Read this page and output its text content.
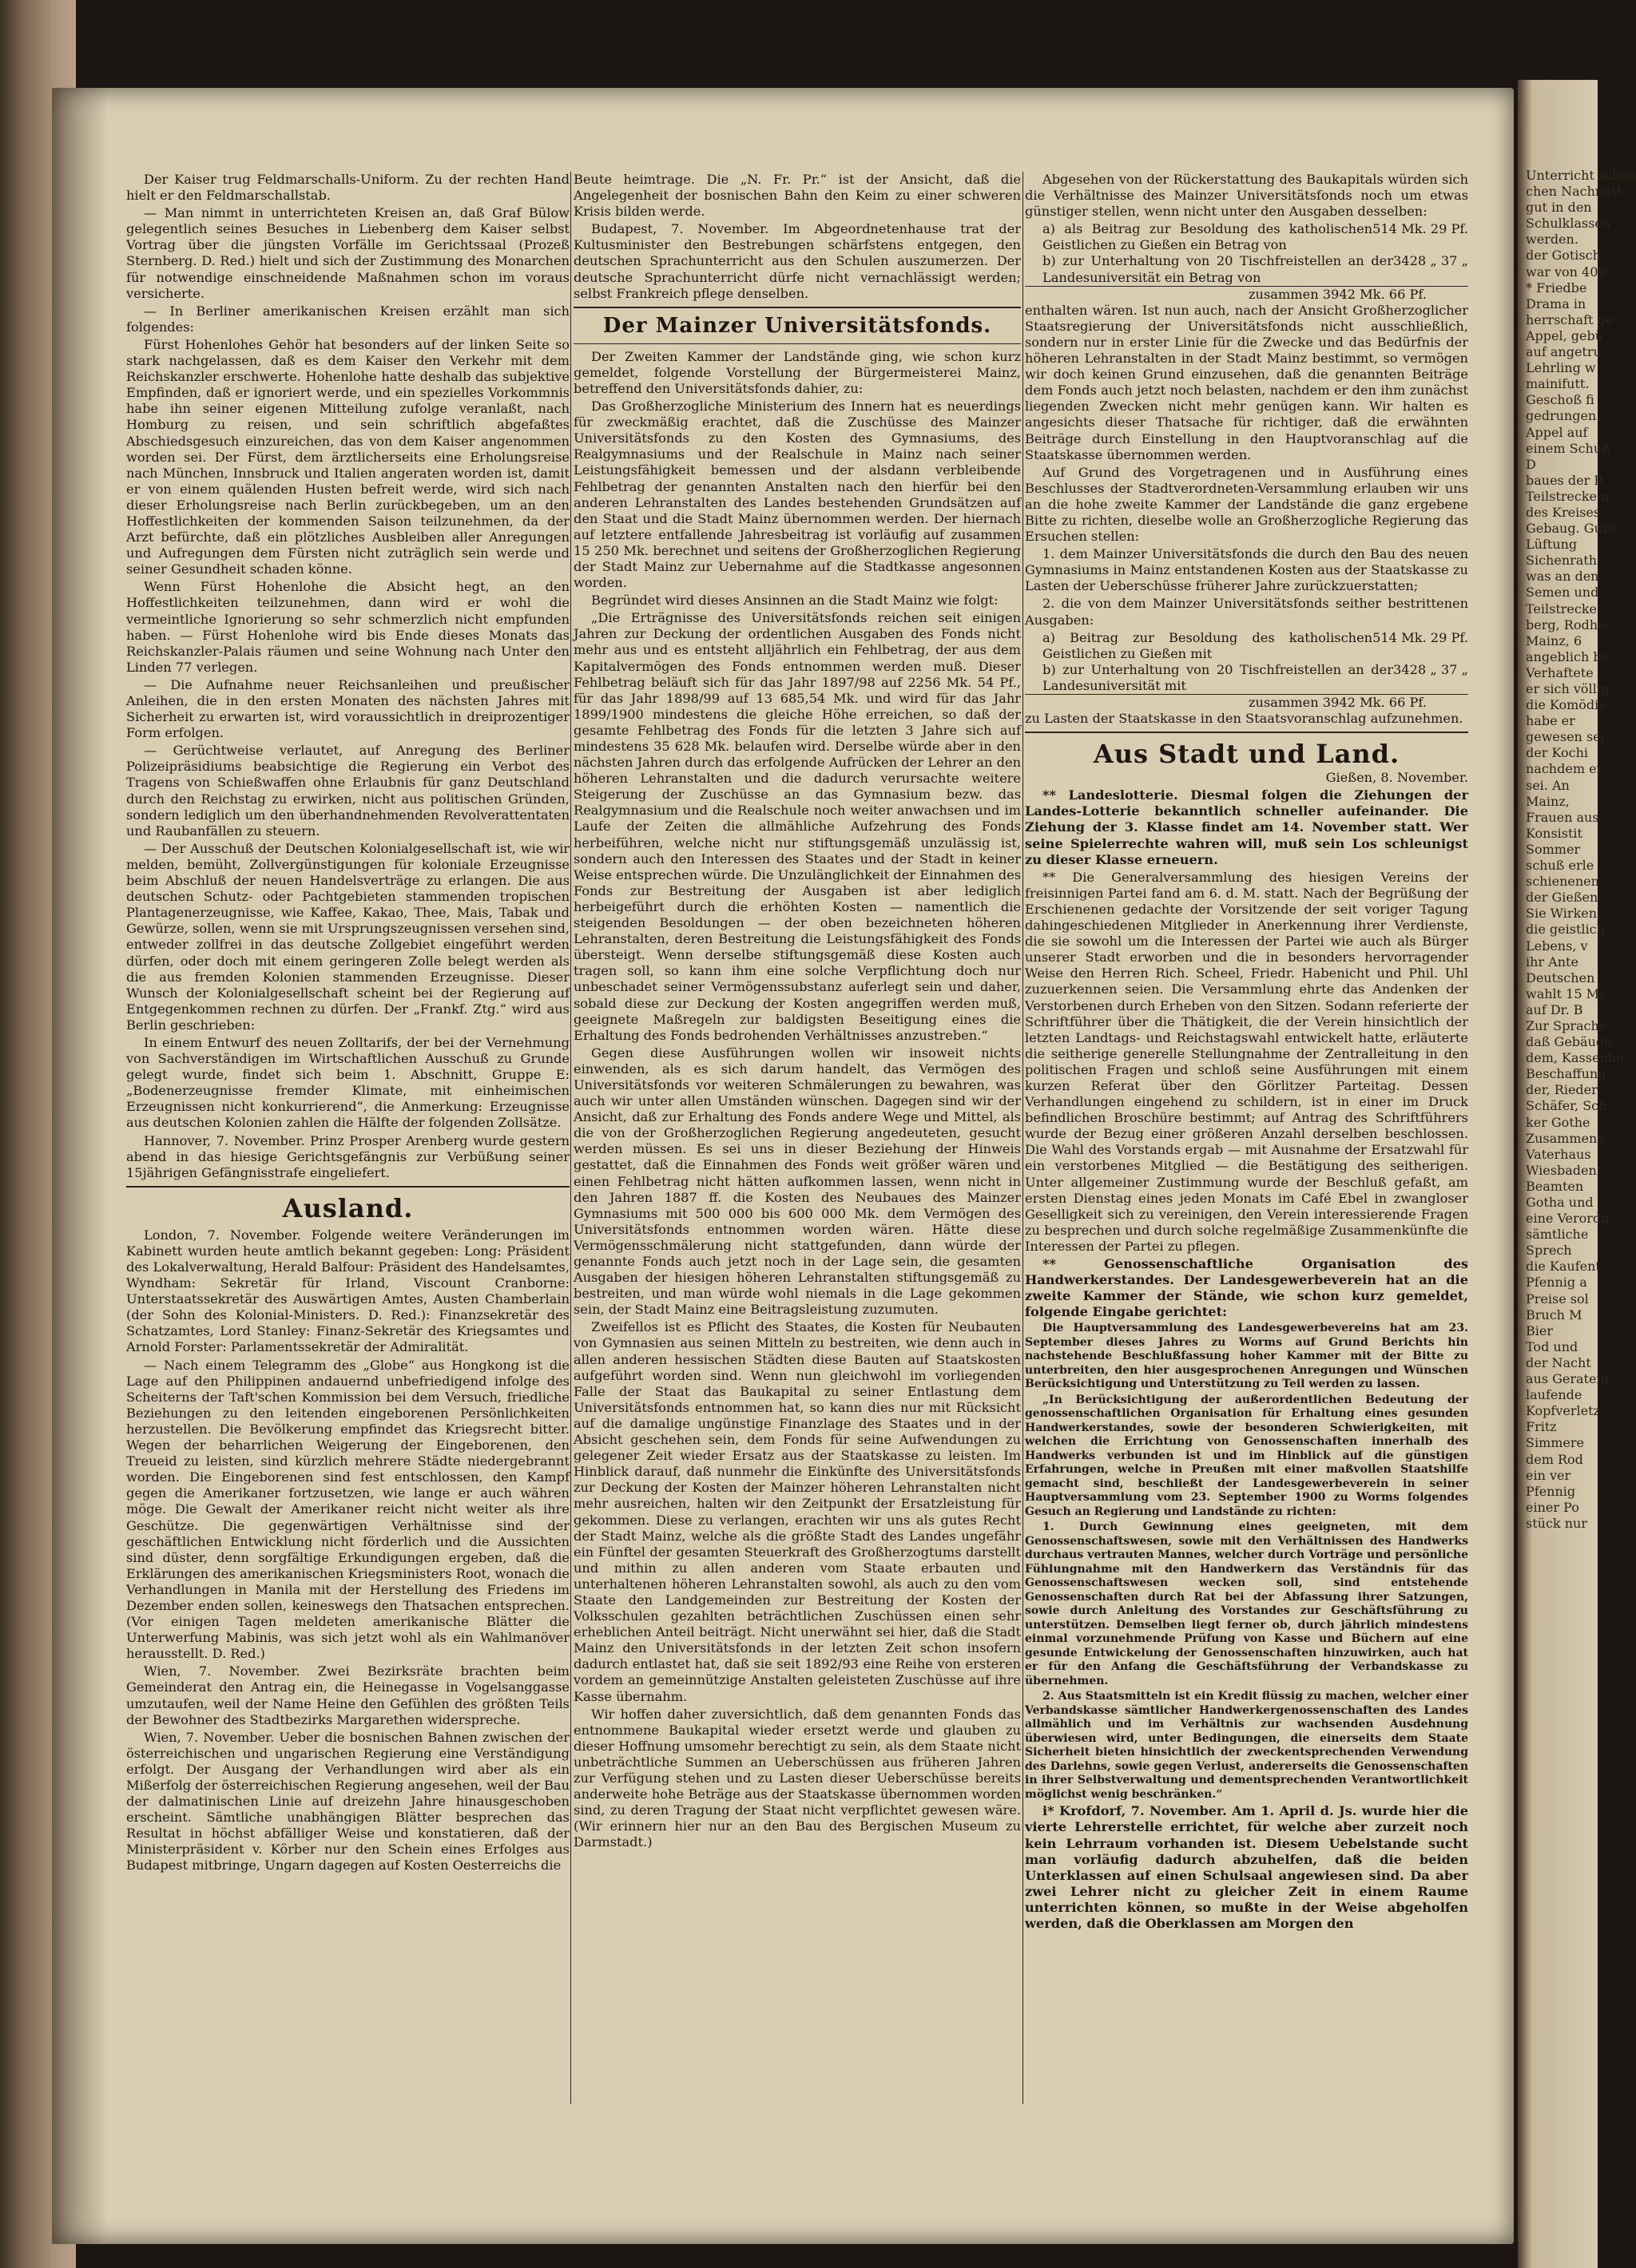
Der Kaiser trug Feldmarschalls-Uniform. Zu der rechten Hand hielt er den Feldmarschallstab.

— Man nimmt in unterrichteten Kreisen an, daß Graf Bülow gelegentlich seines Besuches in Liebenberg dem Kaiser selbst Vortrag über die jüngsten Vorfälle im Gerichtssaal (Prozeß Sternberg. D. Red.) hielt und sich der Zustimmung des Monarchen für notwendige einschneidende Maßnahmen schon im voraus versicherte.

— In Berliner amerikanischen Kreisen erzählt man sich folgendes:

Fürst Hohenlohes Gehör hat besonders auf der linken Seite so stark nachgelassen, daß es dem Kaiser den Verkehr mit dem Reichskanzler erschwerte. Hohenlohe hatte deshalb das subjektive Empfinden, daß er ignoriert werde, und ein spezielles Vorkommnis habe ihn seiner eigenen Mitteilung zufolge veranlaßt, nach Homburg zu reisen, und sein schriftlich abgefaßtes Abschiedsgesuch einzureichen, das von dem Kaiser angenommen worden sei. Der Fürst, dem ärztlicherseits eine Erholungsreise nach München, Innsbruck und Italien angeraten worden ist, damit er von einem quälenden Husten befreit werde, wird sich nach dieser Erholungsreise nach Berlin zurückbegeben, um an den Hoffestlichkeiten der kommenden Saison teilzunehmen, da der Arzt befürchte, daß ein plötzliches Ausbleiben aller Anregungen und Aufregungen dem Fürsten nicht zuträglich sein werde und seiner Gesundheit schaden könne.

Wenn Fürst Hohenlohe die Absicht hegt, an den Hoffestlichkeiten teilzunehmen, dann wird er wohl die vermeintliche Ignorierung so sehr schmerzlich nicht empfunden haben. — Fürst Hohenlohe wird bis Ende dieses Monats das Reichskanzler-Palais räumen und seine Wohnung nach Unter den Linden 77 verlegen.

— Die Aufnahme neuer Reichsanleihen und preußischer Anleihen, die in den ersten Monaten des nächsten Jahres mit Sicherheit zu erwarten ist, wird voraussichtlich in dreiprozentiger Form erfolgen.

— Gerüchtweise verlautet, auf Anregung des Berliner Polizeipräsidiums beabsichtige die Regierung ein Verbot des Tragens von Schießwaffen ohne Erlaubnis für ganz Deutschland durch den Reichstag zu erwirken, nicht aus politischen Gründen, sondern lediglich um den überhandnehmenden Revolverattentaten und Raubanfällen zu steuern.

— Der Ausschuß der Deutschen Kolonialgesellschaft ist, wie wir melden, bemüht, Zollvergünstigungen für koloniale Erzeugnisse beim Abschluß der neuen Handelsverträge zu erlangen. Die aus deutschen Schutz- oder Pachtgebieten stammenden tropischen Plantagenerzeugnisse, wie Kaffee, Kakao, Thee, Mais, Tabak und Gewürze, sollen, wenn sie mit Ursprungszeugnissen versehen sind, entweder zollfrei in das deutsche Zollgebiet eingeführt werden dürfen, oder doch mit einem geringeren Zolle belegt werden als die aus fremden Kolonien stammenden Erzeugnisse. Dieser Wunsch der Kolonialgesellschaft scheint bei der Regierung auf Entgegenkommen rechnen zu dürfen. Der „Frankf. Ztg.“ wird aus Berlin geschrieben:

In einem Entwurf des neuen Zolltarifs, der bei der Vernehmung von Sachverständigen im Wirtschaftlichen Ausschuß zu Grunde gelegt wurde, findet sich beim 1. Abschnitt, Gruppe E: „Bodenerzeugnisse fremder Klimate, mit einheimischen Erzeugnissen nicht konkurrierend“, die Anmerkung: Erzeugnisse aus deutschen Kolonien zahlen die Hälfte der folgenden Zollsätze.

Hannover, 7. November. Prinz Prosper Arenberg wurde gestern abend in das hiesige Gerichtsgefängnis zur Verbüßung seiner 15jährigen Gefängnisstrafe eingeliefert.

Ausland.

London, 7. November. Folgende weitere Veränderungen im Kabinett wurden heute amtlich bekannt gegeben: Long: Präsident des Lokalverwaltung, Herald Balfour: Präsident des Handelsamtes, Wyndham: Sekretär für Irland, Viscount Cranborne: Unterstaatssekretär des Auswärtigen Amtes, Austen Chamberlain (der Sohn des Kolonial-Ministers. D. Red.): Finanzsekretär des Schatzamtes, Lord Stanley: Finanz-Sekretär des Kriegsamtes und Arnold Forster: Parlamentssekretär der Admiralität.

— Nach einem Telegramm des „Globe“ aus Hongkong ist die Lage auf den Philippinen andauernd unbefriedigend infolge des Scheiterns der Taft'schen Kommission bei dem Versuch, friedliche Beziehungen zu den leitenden eingeborenen Persönlichkeiten herzustellen. Die Bevölkerung empfindet das Kriegsrecht bitter. Wegen der beharrlichen Weigerung der Eingeborenen, den Treueid zu leisten, sind kürzlich mehrere Städte niedergebrannt worden. Die Eingeborenen sind fest entschlossen, den Kampf gegen die Amerikaner fortzusetzen, wie lange er auch währen möge. Die Gewalt der Amerikaner reicht nicht weiter als ihre Geschütze. Die gegenwärtigen Verhältnisse sind der geschäftlichen Entwicklung nicht förderlich und die Aussichten sind düster, denn sorgfältige Erkundigungen ergeben, daß die Erklärungen des amerikanischen Kriegsministers Root, wonach die Verhandlungen in Manila mit der Herstellung des Friedens im Dezember enden sollen, keineswegs den Thatsachen entsprechen. (Vor einigen Tagen meldeten amerikanische Blätter die Unterwerfung Mabinis, was sich jetzt wohl als ein Wahlmanöver herausstellt. D. Red.)

Wien, 7. November. Zwei Bezirksräte brachten beim Gemeinderat den Antrag ein, die Heinegasse in Vogelsanggasse umzutaufen, weil der Name Heine den Gefühlen des größten Teils der Bewohner des Stadtbezirks Margarethen widerspreche.

Wien, 7. November. Ueber die bosnischen Bahnen zwischen der österreichischen und ungarischen Regierung eine Verständigung erfolgt. Der Ausgang der Verhandlungen wird aber als ein Mißerfolg der österreichischen Regierung angesehen, weil der Bau der dalmatinischen Linie auf dreizehn Jahre hinausgeschoben erscheint. Sämtliche unabhängigen Blätter besprechen das Resultat in höchst abfälliger Weise und konstatieren, daß der Ministerpräsident v. Körber nur den Schein eines Erfolges aus Budapest mitbringe, Ungarn dagegen auf Kosten Oesterreichs die

Beute heimtrage. Die „N. Fr. Pr.“ ist der Ansicht, daß die Angelegenheit der bosnischen Bahn den Keim zu einer schweren Krisis bilden werde.

Budapest, 7. November. Im Abgeordnetenhause trat der Kultusminister den Bestrebungen schärfstens entgegen, den deutschen Sprachunterricht aus den Schulen auszumerzen. Der deutsche Sprachunterricht dürfe nicht vernachlässigt werden; selbst Frankreich pflege denselben.

Der Mainzer Universitätsfonds.

Der Zweiten Kammer der Landstände ging, wie schon kurz gemeldet, folgende Vorstellung der Bürgermeisterei Mainz, betreffend den Universitätsfonds dahier, zu:

Das Großherzogliche Ministerium des Innern hat es neuerdings für zweckmäßig erachtet, daß die Zuschüsse des Mainzer Universitätsfonds zu den Kosten des Gymnasiums, des Realgymnasiums und der Realschule in Mainz nach seiner Leistungsfähigkeit bemessen und der alsdann verbleibende Fehlbetrag der genannten Anstalten nach den hierfür bei den anderen Lehranstalten des Landes bestehenden Grundsätzen auf den Staat und die Stadt Mainz übernommen werden. Der hiernach auf letztere entfallende Jahresbeitrag ist vorläufig auf zusammen 15 250 Mk. berechnet und seitens der Großherzoglichen Regierung der Stadt Mainz zur Uebernahme auf die Stadtkasse angesonnen worden.

Begründet wird dieses Ansinnen an die Stadt Mainz wie folgt:

„Die Erträgnisse des Universitätsfonds reichen seit einigen Jahren zur Deckung der ordentlichen Ausgaben des Fonds nicht mehr aus und es entsteht alljährlich ein Fehlbetrag, der aus dem Kapitalvermögen des Fonds entnommen werden muß. Dieser Fehlbetrag beläuft sich für das Jahr 1897/98 auf 2256 Mk. 54 Pf., für das Jahr 1898/99 auf 13 685,54 Mk. und wird für das Jahr 1899/1900 mindestens die gleiche Höhe erreichen, so daß der gesamte Fehlbetrag des Fonds für die letzten 3 Jahre sich auf mindestens 35 628 Mk. belaufen wird. Derselbe würde aber in den nächsten Jahren durch das erfolgende Aufrücken der Lehrer an den höheren Lehranstalten und die dadurch verursachte weitere Steigerung der Zuschüsse an das Gymnasium bezw. das Realgymnasium und die Realschule noch weiter anwachsen und im Laufe der Zeiten die allmähliche Aufzehrung des Fonds herbeiführen, welche nicht nur stiftungsgemäß unzulässig ist, sondern auch den Interessen des Staates und der Stadt in keiner Weise entsprechen würde. Die Unzulänglichkeit der Einnahmen des Fonds zur Bestreitung der Ausgaben ist aber lediglich herbeigeführt durch die erhöhten Kosten — namentlich die steigenden Besoldungen — der oben bezeichneten höheren Lehranstalten, deren Bestreitung die Leistungsfähigkeit des Fonds übersteigt. Wenn derselbe stiftungsgemäß diese Kosten auch tragen soll, so kann ihm eine solche Verpflichtung doch nur unbeschadet seiner Vermögenssubstanz auferlegt sein und daher, sobald diese zur Deckung der Kosten angegriffen werden muß, geeignete Maßregeln zur baldigsten Beseitigung eines die Erhaltung des Fonds bedrohenden Verhältnisses anzustreben.“

Gegen diese Ausführungen wollen wir insoweit nichts einwenden, als es sich darum handelt, das Vermögen des Universitätsfonds vor weiteren Schmälerungen zu bewahren, was auch wir unter allen Umständen wünschen. Dagegen sind wir der Ansicht, daß zur Erhaltung des Fonds andere Wege und Mittel, als die von der Großherzoglichen Regierung angedeuteten, gesucht werden müssen. Es sei uns in dieser Beziehung der Hinweis gestattet, daß die Einnahmen des Fonds weit größer wären und einen Fehlbetrag nicht hätten aufkommen lassen, wenn nicht in den Jahren 1887 ff. die Kosten des Neubaues des Mainzer Gymnasiums mit 500 000 bis 600 000 Mk. dem Vermögen des Universitätsfonds entnommen worden wären. Hätte diese Vermögensschmälerung nicht stattgefunden, dann würde der genannte Fonds auch jetzt noch in der Lage sein, die gesamten Ausgaben der hiesigen höheren Lehranstalten stiftungsgemäß zu bestreiten, und man würde wohl niemals in die Lage gekommen sein, der Stadt Mainz eine Beitragsleistung zuzumuten.

Zweifellos ist es Pflicht des Staates, die Kosten für Neubauten von Gymnasien aus seinen Mitteln zu bestreiten, wie denn auch in allen anderen hessischen Städten diese Bauten auf Staatskosten aufgeführt worden sind. Wenn nun gleichwohl im vorliegenden Falle der Staat das Baukapital zu seiner Entlastung dem Universitätsfonds entnommen hat, so kann dies nur mit Rücksicht auf die damalige ungünstige Finanzlage des Staates und in der Absicht geschehen sein, dem Fonds für seine Aufwendungen zu gelegener Zeit wieder Ersatz aus der Staatskasse zu leisten. Im Hinblick darauf, daß nunmehr die Einkünfte des Universitätsfonds zur Deckung der Kosten der Mainzer höheren Lehranstalten nicht mehr ausreichen, halten wir den Zeitpunkt der Ersatzleistung für gekommen. Diese zu verlangen, erachten wir uns als gutes Recht der Stadt Mainz, welche als die größte Stadt des Landes ungefähr ein Fünftel der gesamten Steuerkraft des Großherzogtums darstellt und mithin zu allen anderen vom Staate erbauten und unterhaltenen höheren Lehranstalten sowohl, als auch zu den vom Staate den Landgemeinden zur Bestreitung der Kosten der Volksschulen gezahlten beträchtlichen Zuschüssen einen sehr erheblichen Anteil beiträgt. Nicht unerwähnt sei hier, daß die Stadt Mainz den Universitätsfonds in der letzten Zeit schon insofern dadurch entlastet hat, daß sie seit 1892/93 eine Reihe von ersteren vordem an gemeinnützige Anstalten geleisteten Zuschüsse auf ihre Kasse übernahm.

Wir hoffen daher zuversichtlich, daß dem genannten Fonds das entnommene Baukapital wieder ersetzt werde und glauben zu dieser Hoffnung umsomehr berechtigt zu sein, als dem Staate nicht unbeträchtliche Summen an Ueberschüssen aus früheren Jahren zur Verfügung stehen und zu Lasten dieser Ueberschüsse bereits anderweite hohe Beträge aus der Staatskasse übernommen worden sind, zu deren Tragung der Staat nicht verpflichtet gewesen wäre. (Wir erinnern hier nur an den Bau des Bergischen Museum zu Darmstadt.)

Abgesehen von der Rückerstattung des Baukapitals würden sich die Verhältnisse des Mainzer Universitätsfonds noch um etwas günstiger stellen, wenn nicht unter den Ausgaben desselben:

a) als Beitrag zur Besoldung des katholischen Geistlichen zu Gießen ein Betrag von
514 Mk. 29 Pf.
b) zur Unterhaltung von 20 Tischfreistellen an der Landesuniversität ein Betrag von
3428 „ 37 „
zusammen 3942 Mk. 66 Pf.

enthalten wären. Ist nun auch, nach der Ansicht Großherzoglicher Staatsregierung der Universitätsfonds nicht ausschließlich, sondern nur in erster Linie für die Zwecke und das Bedürfnis der höheren Lehranstalten in der Stadt Mainz bestimmt, so vermögen wir doch keinen Grund einzusehen, daß die genannten Beiträge dem Fonds auch jetzt noch belasten, nachdem er den ihm zunächst liegenden Zwecken nicht mehr genügen kann. Wir halten es angesichts dieser Thatsache für richtiger, daß die erwähnten Beiträge durch Einstellung in den Hauptvoranschlag auf die Staatskasse übernommen werden.

Auf Grund des Vorgetragenen und in Ausführung eines Beschlusses der Stadtverordneten-Versammlung erlauben wir uns an die hohe zweite Kammer der Landstände die ganz ergebene Bitte zu richten, dieselbe wolle an Großherzogliche Regierung das Ersuchen stellen:

1. dem Mainzer Universitätsfonds die durch den Bau des neuen Gymnasiums in Mainz entstandenen Kosten aus der Staatskasse zu Lasten der Ueberschüsse früherer Jahre zurückzuerstatten;

2. die von dem Mainzer Universitätsfonds seither bestrittenen Ausgaben:

a) Beitrag zur Besoldung des katholischen Geistlichen zu Gießen mit
514 Mk. 29 Pf.
b) zur Unterhaltung von 20 Tischfreistellen an der Landesuniversität mit
3428 „ 37 „
zusammen 3942 Mk. 66 Pf.

zu Lasten der Staatskasse in den Staatsvoranschlag aufzunehmen.

Aus Stadt und Land.
Gießen, 8. November.

** Landeslotterie. Diesmal folgen die Ziehungen der Landes-Lotterie bekanntlich schneller aufeinander. Die Ziehung der 3. Klasse findet am 14. November statt. Wer seine Spielerrechte wahren will, muß sein Los schleunigst zu dieser Klasse erneuern.

** Die Generalversammlung des hiesigen Vereins der freisinnigen Partei fand am 6. d. M. statt. Nach der Begrüßung der Erschienenen gedachte der Vorsitzende der seit voriger Tagung dahingeschiedenen Mitglieder in Anerkennung ihrer Verdienste, die sie sowohl um die Interessen der Partei wie auch als Bürger unserer Stadt erworben und die in besonders hervorragender Weise den Herren Rich. Scheel, Friedr. Habenicht und Phil. Uhl zuzuerkennen seien. Die Versammlung ehrte das Andenken der Verstorbenen durch Erheben von den Sitzen. Sodann referierte der Schriftführer über die Thätigkeit, die der Verein hinsichtlich der letzten Landtags- und Reichstagswahl entwickelt hatte, erläuterte die seitherige generelle Stellungnahme der Zentralleitung in den politischen Fragen und schloß seine Ausführungen mit einem kurzen Referat über den Görlitzer Parteitag. Dessen Verhandlungen eingehend zu schildern, ist in einer im Druck befindlichen Broschüre bestimmt; auf Antrag des Schriftführers wurde der Bezug einer größeren Anzahl derselben beschlossen. Die Wahl des Vorstands ergab — mit Ausnahme der Ersatzwahl für ein verstorbenes Mitglied — die Bestätigung des seitherigen. Unter allgemeiner Zustimmung wurde der Beschluß gefaßt, am ersten Dienstag eines jeden Monats im Café Ebel in zwangloser Geselligkeit sich zu vereinigen, den Verein interessierende Fragen zu besprechen und durch solche regelmäßige Zusammenkünfte die Interessen der Partei zu pflegen.

** Genossenschaftliche Organisation des Handwerkerstandes. Der Landesgewerbeverein hat an die zweite Kammer der Stände, wie schon kurz gemeldet, folgende Eingabe gerichtet:

Die Hauptversammlung des Landesgewerbevereins hat am 23. September dieses Jahres zu Worms auf Grund Berichts hin nachstehende Beschlußfassung hoher Kammer mit der Bitte zu unterbreiten, den hier ausgesprochenen Anregungen und Wünschen Berücksichtigung und Unterstützung zu Teil werden zu lassen.

„In Berücksichtigung der außerordentlichen Bedeutung der genossenschaftlichen Organisation für Erhaltung eines gesunden Handwerkerstandes, sowie der besonderen Schwierigkeiten, mit welchen die Errichtung von Genossenschaften innerhalb des Handwerks verbunden ist und im Hinblick auf die günstigen Erfahrungen, welche in Preußen mit einer maßvollen Staatshilfe gemacht sind, beschließt der Landesgewerbeverein in seiner Hauptversammlung vom 23. September 1900 zu Worms folgendes Gesuch an Regierung und Landstände zu richten:

1. Durch Gewinnung eines geeigneten, mit dem Genossenschaftswesen, sowie mit den Verhältnissen des Handwerks durchaus vertrauten Mannes, welcher durch Vorträge und persönliche Fühlungnahme mit den Handwerkern das Verständnis für das Genossenschaftswesen wecken soll, sind entstehende Genossenschaften durch Rat bei der Abfassung ihrer Satzungen, sowie durch Anleitung des Vorstandes zur Geschäftsführung zu unterstützen. Demselben liegt ferner ob, durch jährlich mindestens einmal vorzunehmende Prüfung von Kasse und Büchern auf eine gesunde Entwickelung der Genossenschaften hinzuwirken, auch hat er für den Anfang die Geschäftsführung der Verbandskasse zu übernehmen.

2. Aus Staatsmitteln ist ein Kredit flüssig zu machen, welcher einer Verbandskasse sämtlicher Handwerkergenossenschaften des Landes allmählich und im Verhältnis zur wachsenden Ausdehnung überwiesen wird, unter Bedingungen, die einerseits dem Staate Sicherheit bieten hinsichtlich der zweckentsprechenden Verwendung des Darlehns, sowie gegen Verlust, andererseits die Genossenschaften in ihrer Selbstverwaltung und dementsprechenden Verantwortlichkeit möglichst wenig beschränken.“

i* Krofdorf, 7. November. Am 1. April d. Js. wurde hier die vierte Lehrerstelle errichtet, für welche aber zurzeit noch kein Lehrraum vorhanden ist. Diesem Uebelstande sucht man vorläufig dadurch abzuhelfen, daß die beiden Unterklassen auf einen Schulsaal angewiesen sind. Da aber zwei Lehrer nicht zu gleicher Zeit in einem Raume unterrichten können, so mußte in der Weise abgeholfen werden, daß die Oberklassen am Morgen den

Unterricht schon
chen Nachmitt
gut in den
Schulklassen
werden.
der Gotisch
war von 400
* Friedbe
Drama in
herrschaft ge
Appel, gebü
auf angetru
Lehrling w
mainifutt.
Geschoß fi
gedrungen.
Appel auf
einem Schuß
D
baues der R
Teilstrecke n
des Kreises
Gebaug. Gunz
Lüftung
Sichenrath
was an den
Semen und
Teilstrecke
berg, Rodhe
Mainz, 6
angeblich be
Verhaftete
er sich völlig
die Komödie
habe er
gewesen sei
der Kochi
nachdem er
sei. An
Mainz,
Frauen aus
Konsistit
Sommer
schuß erle
schienenen
der Gießen
Sie Wirken
die geistlich
Lebens, v
ihr Ante
Deutschen
wahlt 15 Mi
auf Dr. B
Zur Sprache
daß Gebäude
dem, Kassenbe
Beschaffung
der, Rieder
Schäfer, Sch
ker Gothe
Zusammens
Vaterhaus
Wiesbaden
Beamten
Gotha und
eine Verordn
sämtliche
Sprech
die Kaufent
Pfennig a
Preise sol
Bruch M
Bier
Tod und
der Nacht
aus Geratem
laufende
Kopfverletz
Fritz
Simmere
dem Rod
ein ver
Pfennig
einer Po
stück nur
